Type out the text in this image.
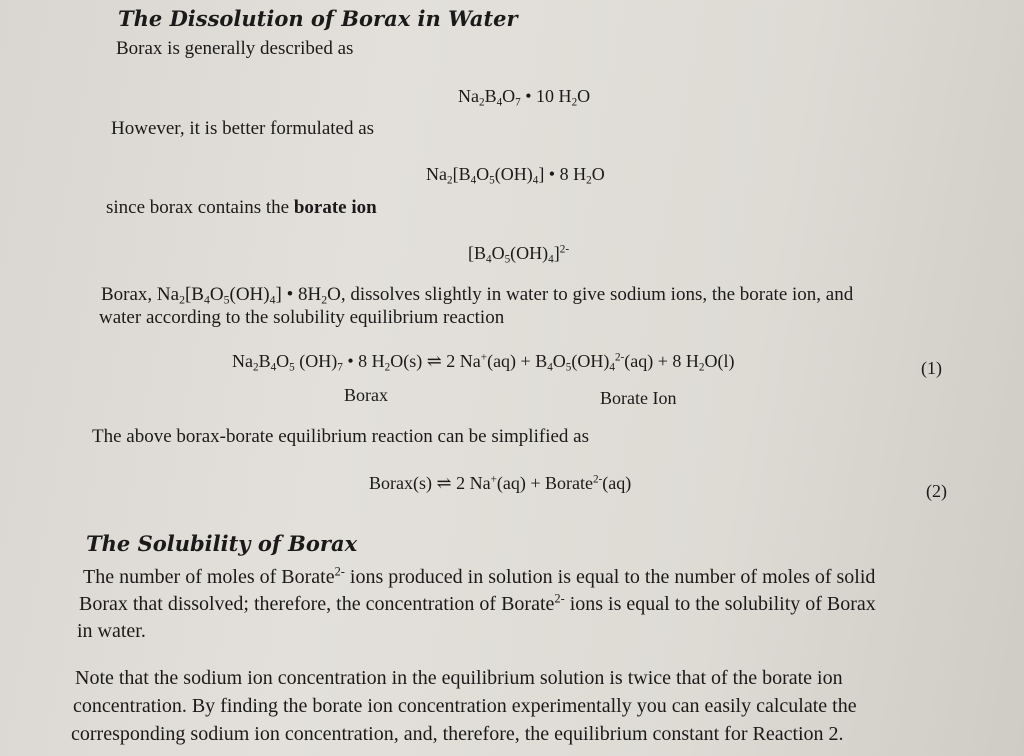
The Dissolution of Borax in Water
Borax is generally described as
$Na_2B_4O_7$ • 10 $H_2O$
However, it is better formulated as
$Na_2[B_4O_5(OH)_4]$ • 8 $H_2O$
since borax contains the borate ion
$[B_4O_5(OH)_4]^{2-}$
Borax, $Na_2[B_4O_5(OH)_4]$ • $8H_2O$, dissolves slightly in water to give sodium ions, the borate ion, and
water according to the solubility equilibrium reaction
$Na_2B_4O_5$ $(OH)_7$ • 8 $H_2O(s)$ ⇌ 2 $Na^+(aq) + B_4O_5(OH)_4^{2-}(aq) + 8$ $H_2O(l)$	(1)
Borax	Borate Ion
The above borax-borate equilibrium reaction can be simplified as
Borax(s) ⇌ 2 Na+(aq) + Borate$^{2-}$(aq)	(2)
The Solubility of Borax
The number of moles of Borate$^{2-}$ ions produced in solution is equal to the number of moles of solid
Borax that dissolved; therefore, the concentration of Borate$^{2-}$ ions is equal to the solubility of Borax
in water.
Note that the sodium ion concentration in the equilibrium solution is twice that of the borate ion
concentration. By finding the borate ion concentration experimentally you can easily calculate the
corresponding sodium ion concentration, and, therefore, the equilibrium constant for Reaction 2.
